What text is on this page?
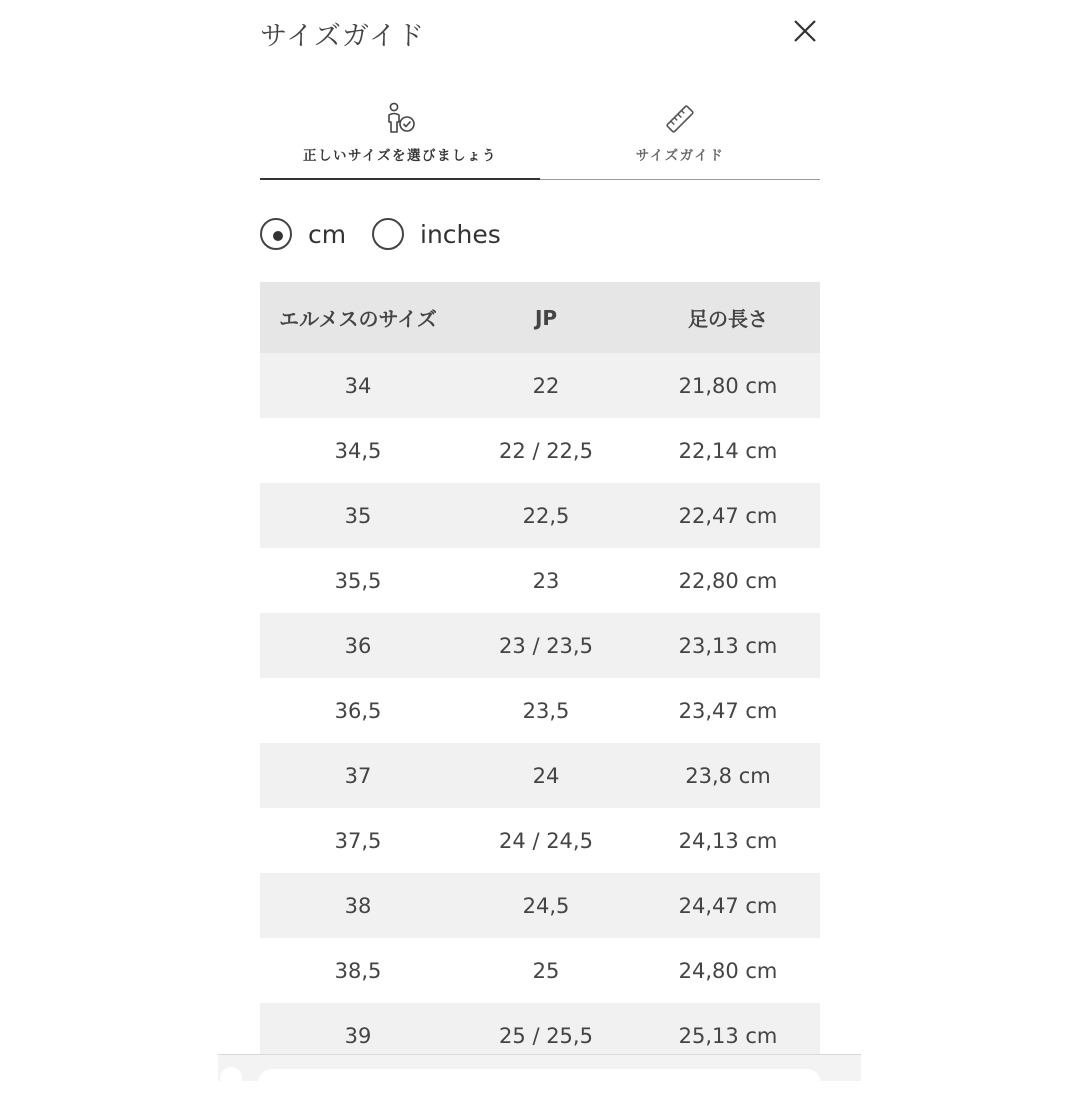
サイズガイド
正しいサイズを選びましょう	サイズガイド
cm	inches
エルメスのサイズ	JP	足の長さ
34	22	21,80 cm
34,5	22 / 22,5	22,14 cm
35	22,5	22,47 cm
35,5	23	22,80 cm
36	23 / 23,5	23,13 cm
36,5	23,5	23,47 cm
37	24	23,8 cm
37,5	24 / 24,5	24,13 cm
38	24,5	24,47 cm
38,5	25	24,80 cm
39	25 / 25,5	25,13 cm
